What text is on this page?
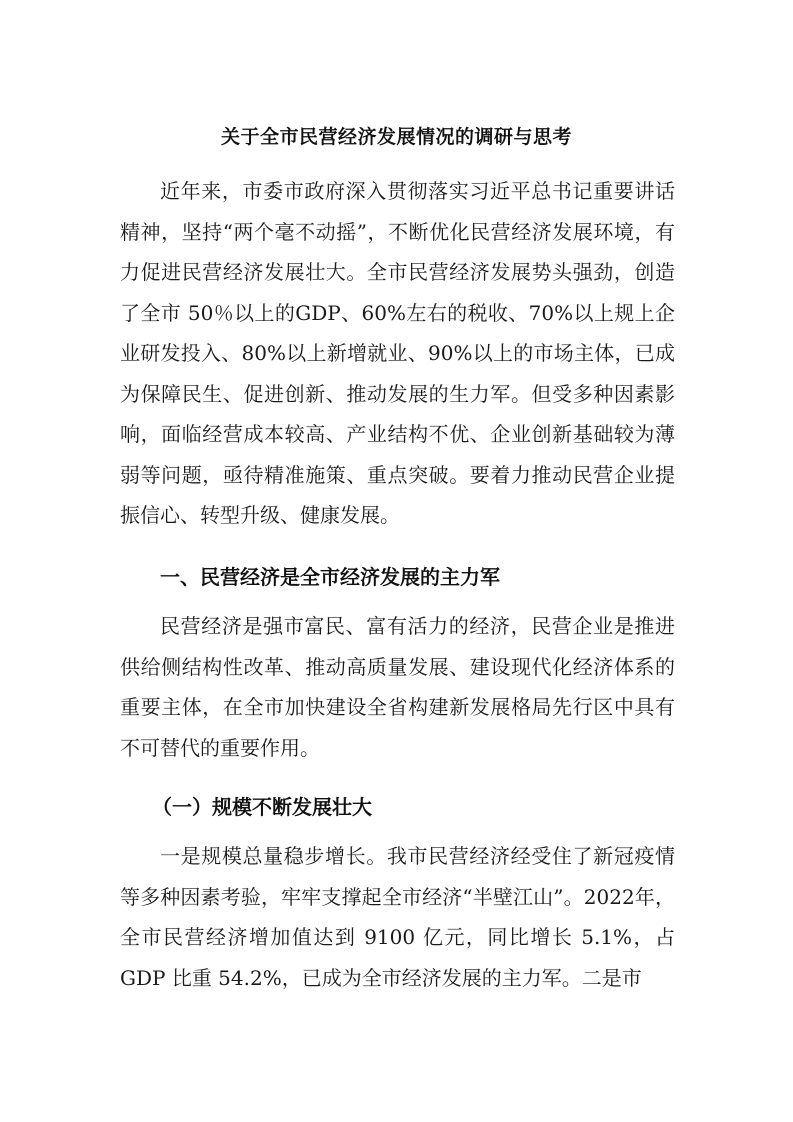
关于全市民营经济发展情况的调研与思考

近年来，市委市政府深入贯彻落实习近平总书记重要讲话精神，坚持“两个毫不动摇”，不断优化民营经济发展环境，有力促进民营经济发展壮大。全市民营经济发展势头强劲，创造了全市 50％以上的GDP、60%左右的税收、70%以上规上企业研发投入、80%以上新增就业、90%以上的市场主体，已成为保障民生、促进创新、推动发展的生力军。但受多种因素影响，面临经营成本较高、产业结构不优、企业创新基础较为薄弱等问题，亟待精准施策、重点突破。要着力推动民营企业提振信心、转型升级、健康发展。

一、民营经济是全市经济发展的主力军

民营经济是强市富民、富有活力的经济，民营企业是推进供给侧结构性改革、推动高质量发展、建设现代化经济体系的重要主体，在全市加快建设全省构建新发展格局先行区中具有不可替代的重要作用。

（一）规模不断发展壮大

一是规模总量稳步增长。我市民营经济经受住了新冠疫情等多种因素考验，牢牢支撑起全市经济“半壁江山”。2022年，全市民营经济增加值达到 9100 亿元，同比增长 5.1%，占 GDP 比重 54.2%，已成为全市经济发展的主力军。二是市
